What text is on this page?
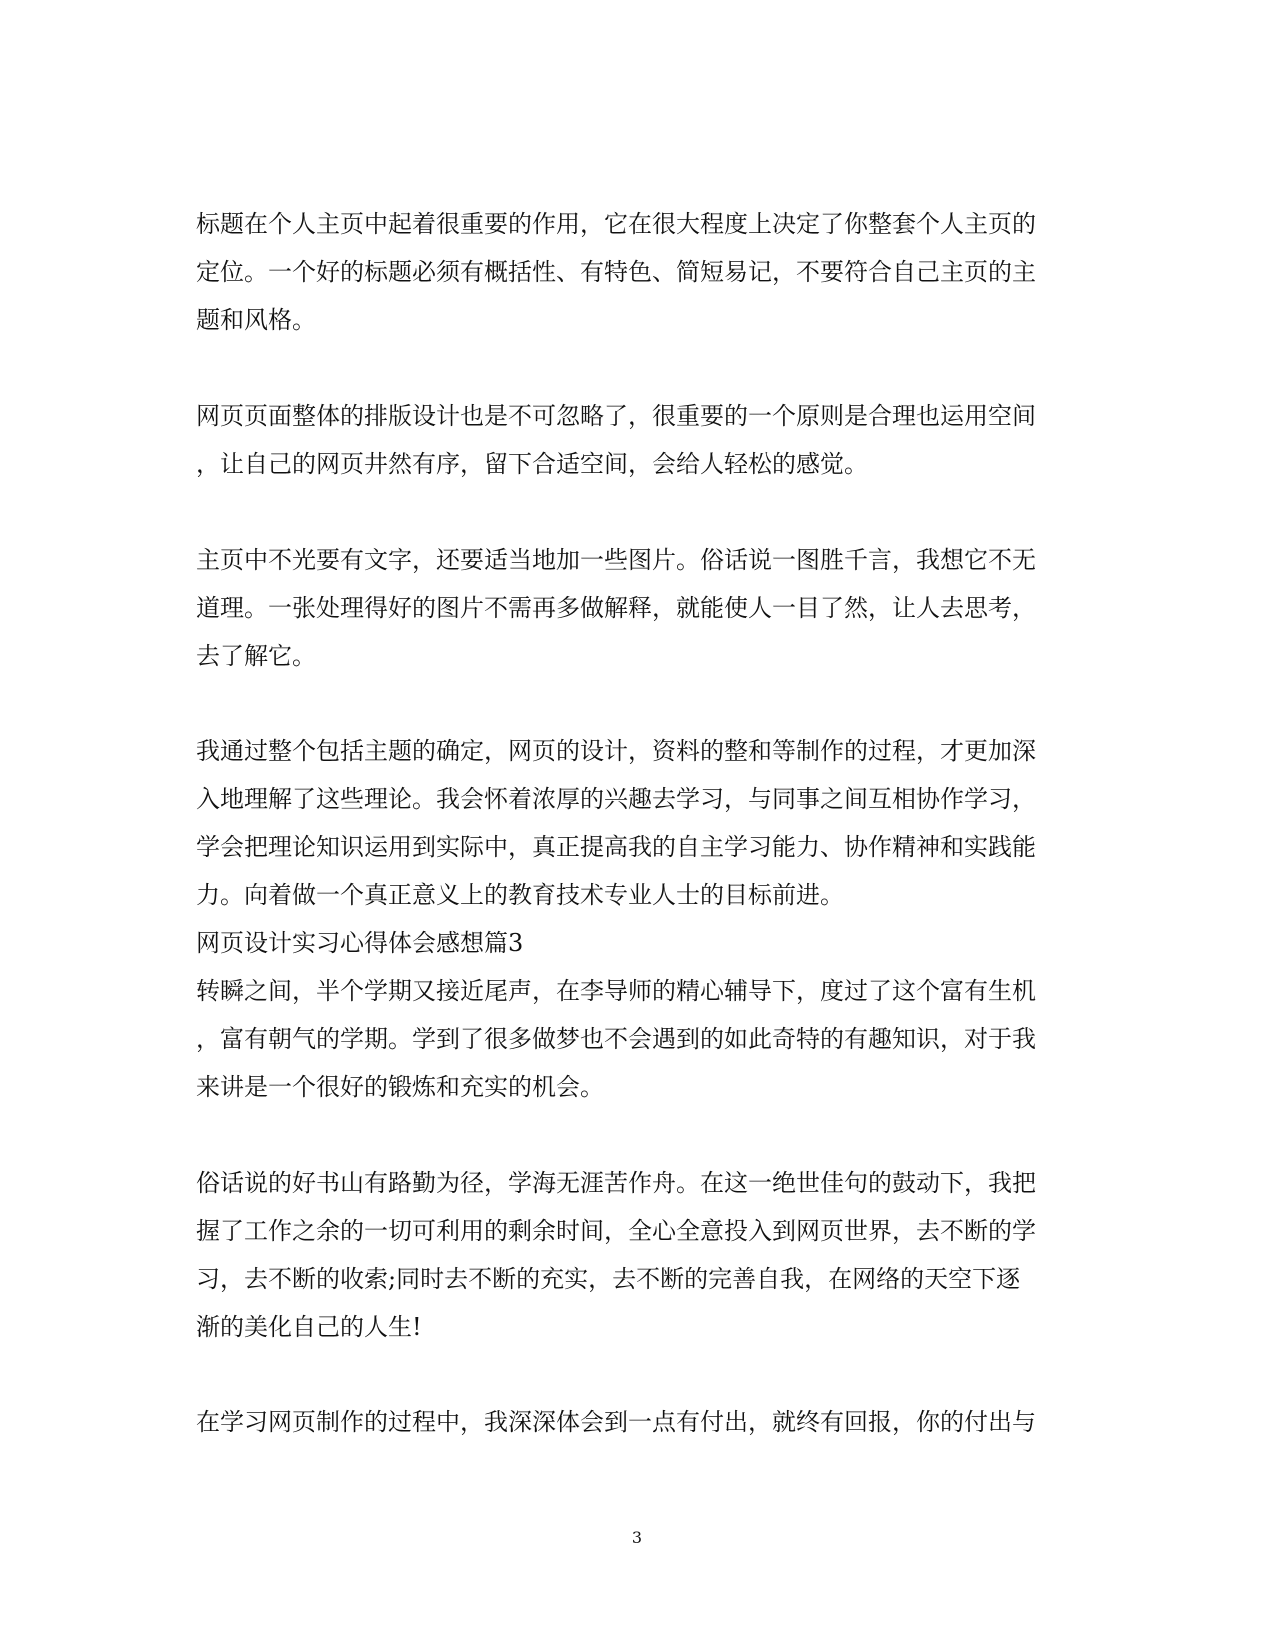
标题在个人主页中起着很重要的作用，它在很大程度上决定了你整套个人主页的
定位。一个好的标题必须有概括性、有特色、简短易记，不要符合自己主页的主
题和风格。
网页页面整体的排版设计也是不可忽略了，很重要的一个原则是合理也运用空间
，让自己的网页井然有序，留下合适空间，会给人轻松的感觉。
主页中不光要有文字，还要适当地加一些图片。俗话说一图胜千言，我想它不无
道理。一张处理得好的图片不需再多做解释，就能使人一目了然，让人去思考，
去了解它。
我通过整个包括主题的确定，网页的设计，资料的整和等制作的过程，才更加深
入地理解了这些理论。我会怀着浓厚的兴趣去学习，与同事之间互相协作学习，
学会把理论知识运用到实际中，真正提高我的自主学习能力、协作精神和实践能
力。向着做一个真正意义上的教育技术专业人士的目标前进。
网页设计实习心得体会感想篇3
转瞬之间，半个学期又接近尾声，在李导师的精心辅导下，度过了这个富有生机
，富有朝气的学期。学到了很多做梦也不会遇到的如此奇特的有趣知识，对于我
来讲是一个很好的锻炼和充实的机会。
俗话说的好书山有路勤为径，学海无涯苦作舟。在这一绝世佳句的鼓动下，我把
握了工作之余的一切可利用的剩余时间，全心全意投入到网页世界，去不断的学
习，去不断的收索;同时去不断的充实，去不断的完善自我，在网络的天空下逐
渐的美化自己的人生!
在学习网页制作的过程中，我深深体会到一点有付出，就终有回报，你的付出与
3
